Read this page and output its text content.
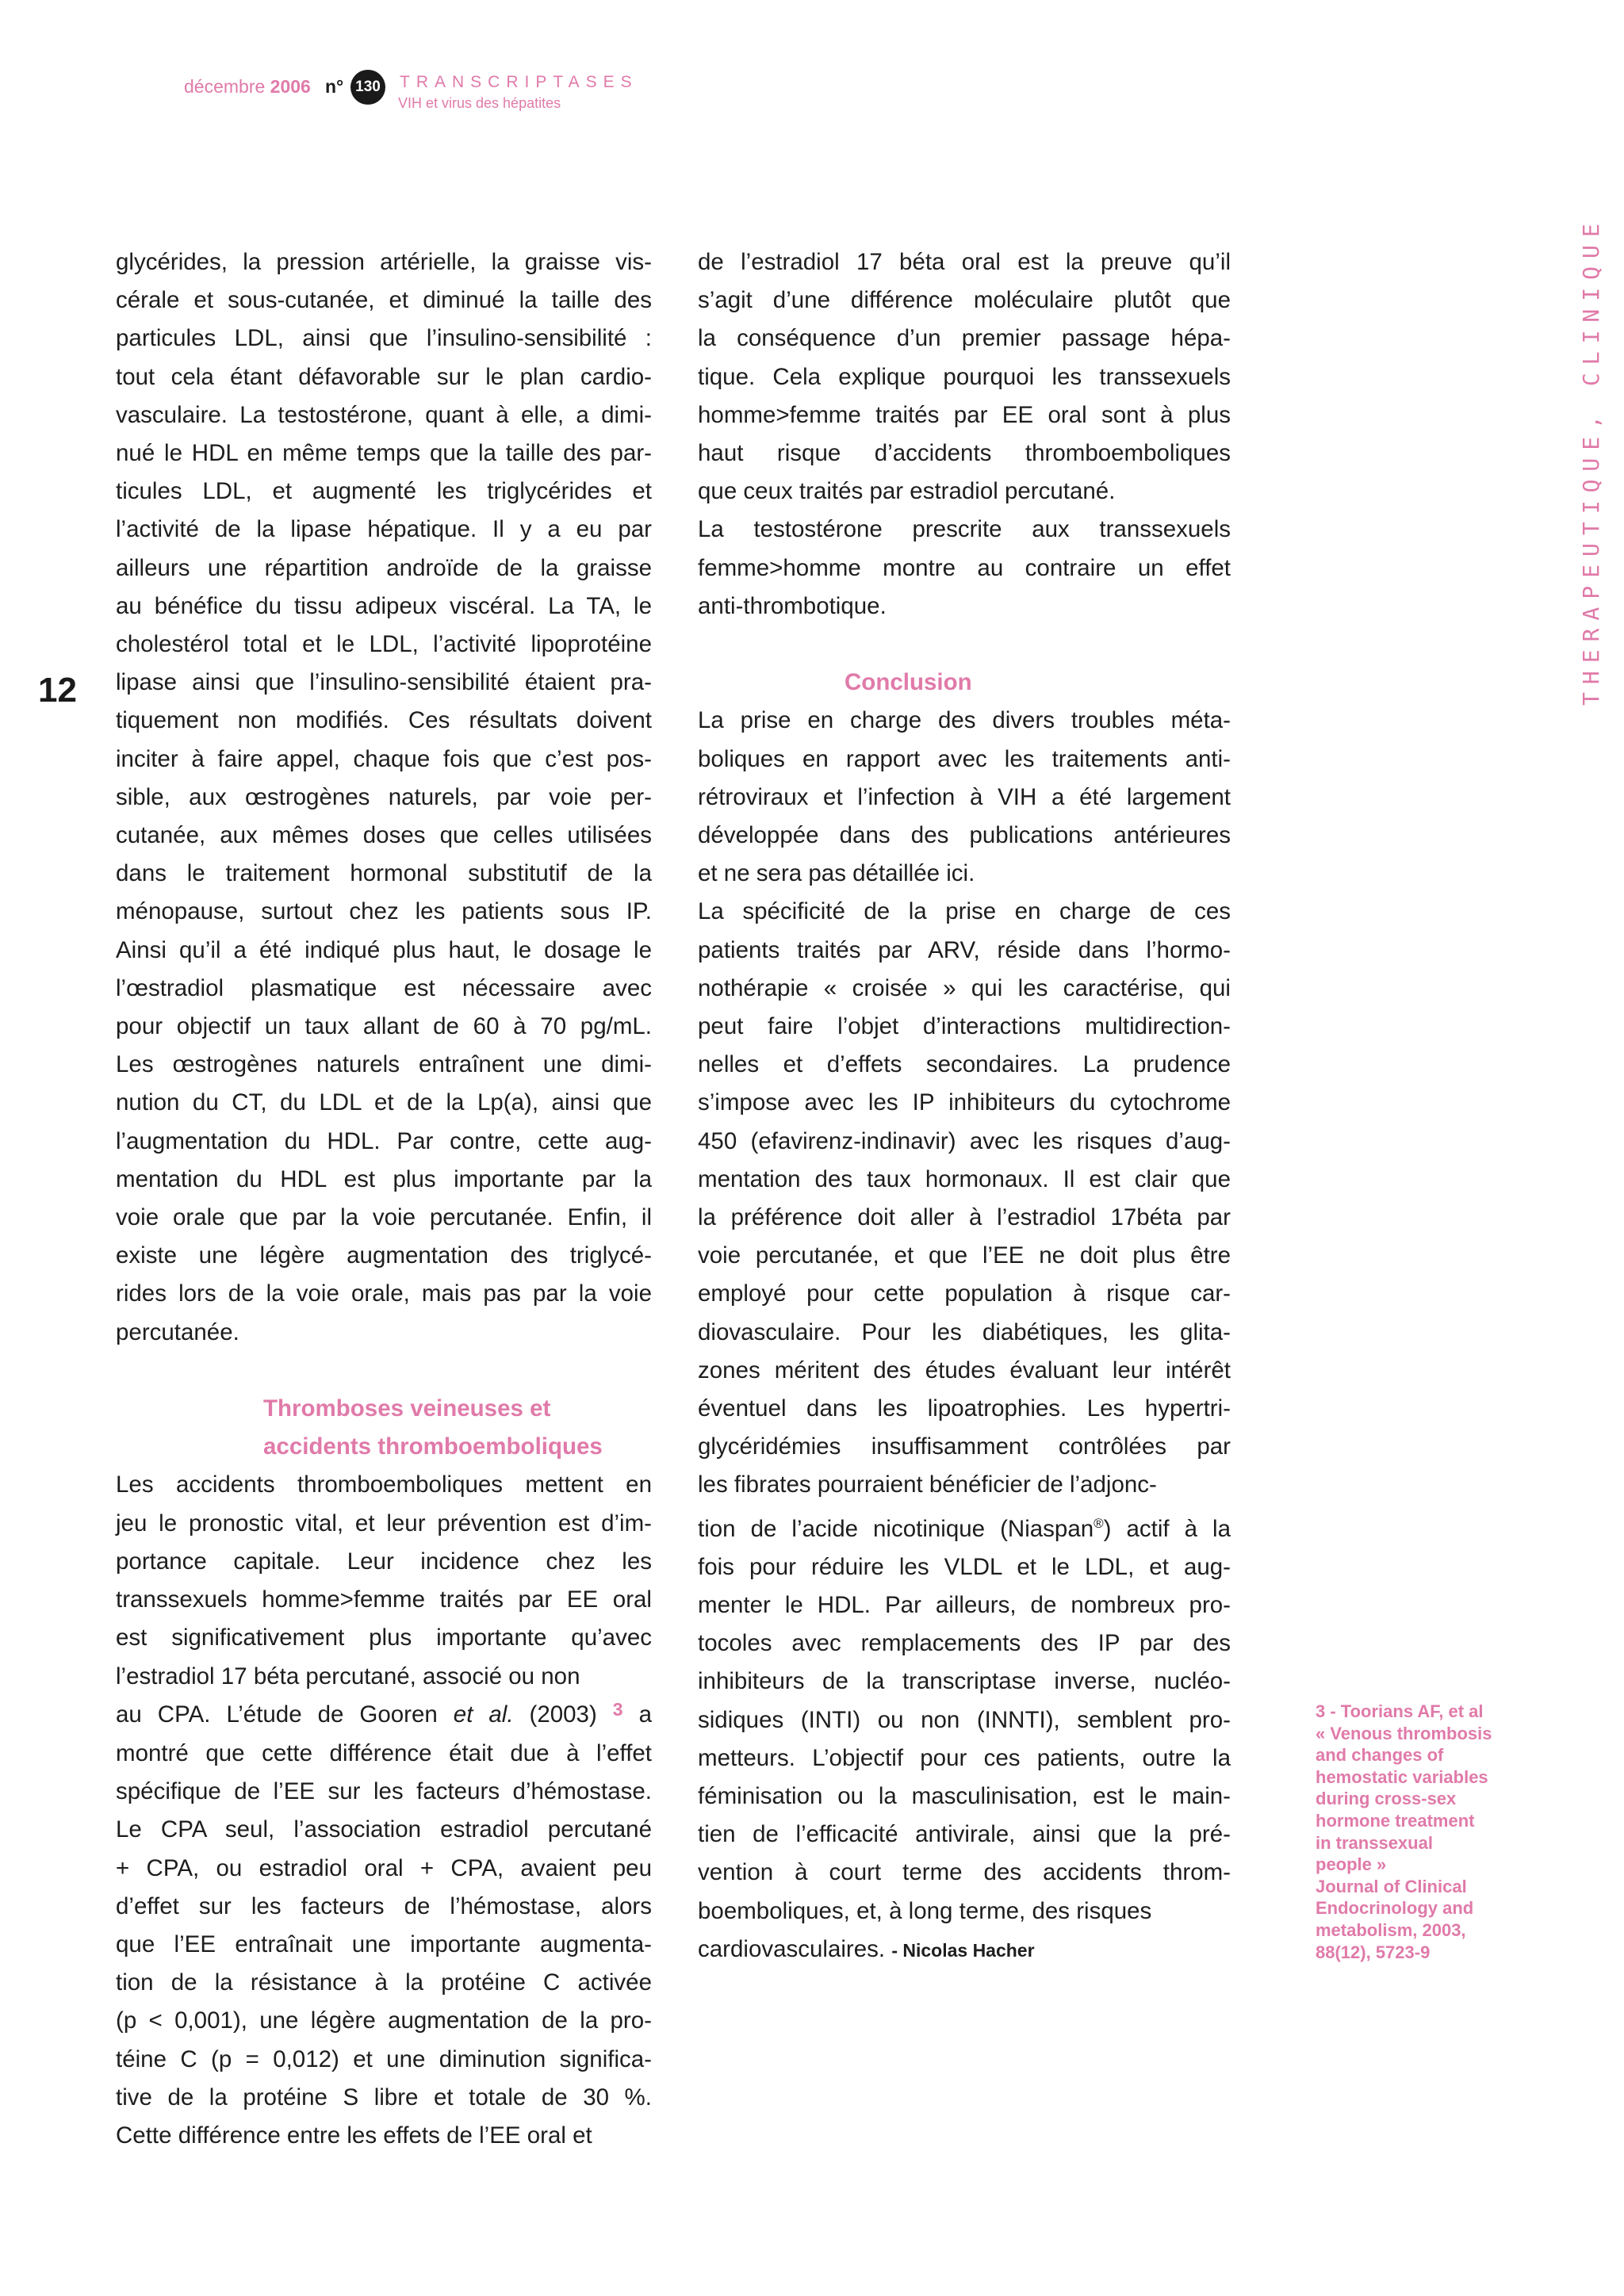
décembre 2006 n° 130 TRANSCRIPTASES
VIH et virus des hépatites
12	THERAPEUTIQUE, CLINIQUE
glycérides, la pression artérielle, la graisse vis-
cérale et sous-cutanée, et diminué la taille des
particules LDL, ainsi que l’insulino-sensibilité :
tout cela étant défavorable sur le plan cardio-
vasculaire. La testostérone, quant à elle, a dimi-
nué le HDL en même temps que la taille des par-
ticules LDL, et augmenté les triglycérides et
l’activité de la lipase hépatique. Il y a eu par
ailleurs une répartition androïde de la graisse
au bénéfice du tissu adipeux viscéral. La TA, le
cholestérol total et le LDL, l’activité lipoprotéine
lipase ainsi que l’insulino-sensibilité étaient pra-
tiquement non modifiés. Ces résultats doivent
inciter à faire appel, chaque fois que c’est pos-
sible, aux œstrogènes naturels, par voie per-
cutanée, aux mêmes doses que celles utilisées
dans le traitement hormonal substitutif de la
ménopause, surtout chez les patients sous IP.
Ainsi qu’il a été indiqué plus haut, le dosage le
l’œstradiol plasmatique est nécessaire avec
pour objectif un taux allant de 60 à 70 pg/mL.
Les œstrogènes naturels entraînent une dimi-
nution du CT, du LDL et de la Lp(a), ainsi que
l’augmentation du HDL. Par contre, cette aug-
mentation du HDL est plus importante par la
voie orale que par la voie percutanée. Enfin, il
existe une légère augmentation des triglycé-
rides lors de la voie orale, mais pas par la voie
percutanée.
Thromboses veineuses et
accidents thromboemboliques
Les accidents thromboemboliques mettent en
jeu le pronostic vital, et leur prévention est d’im-
portance capitale. Leur incidence chez les
transsexuels homme>femme traités par EE oral
est significativement plus importante qu’avec
l’estradiol 17 béta percutané, associé ou non
au CPA. L’étude de Gooren et al. (2003) $^3$ a
montré que cette différence était due à l’effet
spécifique de l’EE sur les facteurs d’hémostase.
Le CPA seul, l’association estradiol percutané
+ CPA, ou estradiol oral + CPA, avaient peu
d’effet sur les facteurs de l’hémostase, alors
que l’EE entraînait une importante augmenta-
tion de la résistance à la protéine C activée
(p < 0,001), une légère augmentation de la pro-
téine C (p = 0,012) et une diminution significa-
tive de la protéine S libre et totale de 30 %.
Cette différence entre les effets de l’EE oral et
de l’estradiol 17 béta oral est la preuve qu’il
s’agit d’une différence moléculaire plutôt que
la conséquence d’un premier passage hépa-
tique. Cela explique pourquoi les transsexuels
homme>femme traités par EE oral sont à plus
haut risque d’accidents thromboemboliques
que ceux traités par estradiol percutané.
La testostérone prescrite aux transsexuels
femme>homme montre au contraire un effet
anti-thrombotique.
Conclusion
La prise en charge des divers troubles méta-
boliques en rapport avec les traitements anti-
rétroviraux et l’infection à VIH a été largement
développée dans des publications antérieures
et ne sera pas détaillée ici.
La spécificité de la prise en charge de ces
patients traités par ARV, réside dans l’hormo-
nothérapie « croisée » qui les caractérise, qui
peut faire l’objet d’interactions multidirection-
nelles et d’effets secondaires. La prudence
s’impose avec les IP inhibiteurs du cytochrome
450 (efavirenz-indinavir) avec les risques d’aug-
mentation des taux hormonaux. Il est clair que
la préférence doit aller à l’estradiol 17béta par
voie percutanée, et que l’EE ne doit plus être
employé pour cette population à risque car-
diovasculaire. Pour les diabétiques, les glita-
zones méritent des études évaluant leur intérêt
éventuel dans les lipoatrophies. Les hypertri-
glycéridémies insuffisamment contrôlées par
les fibrates pourraient bénéficier de l’adjonc-
tion de l’acide nicotinique (Niaspan®) actif à la
fois pour réduire les VLDL et le LDL, et aug-
menter le HDL. Par ailleurs, de nombreux pro-
tocoles avec remplacements des IP par des
inhibiteurs de la transcriptase inverse, nucléo-
sidiques (INTI) ou non (INNTI), semblent pro-
metteurs. L’objectif pour ces patients, outre la
féminisation ou la masculinisation, est le main-
tien de l’efficacité antivirale, ainsi que la pré-
vention à court terme des accidents throm-
boemboliques, et, à long terme, des risques
cardiovasculaires. - Nicolas Hacher
3 - Toorians AF, et al
« Venous thrombosis
and changes of
hemostatic variables
during cross-sex
hormone treatment
in transsexual
people »
Journal of Clinical
Endocrinology and
metabolism, 2003,
88(12), 5723-9
